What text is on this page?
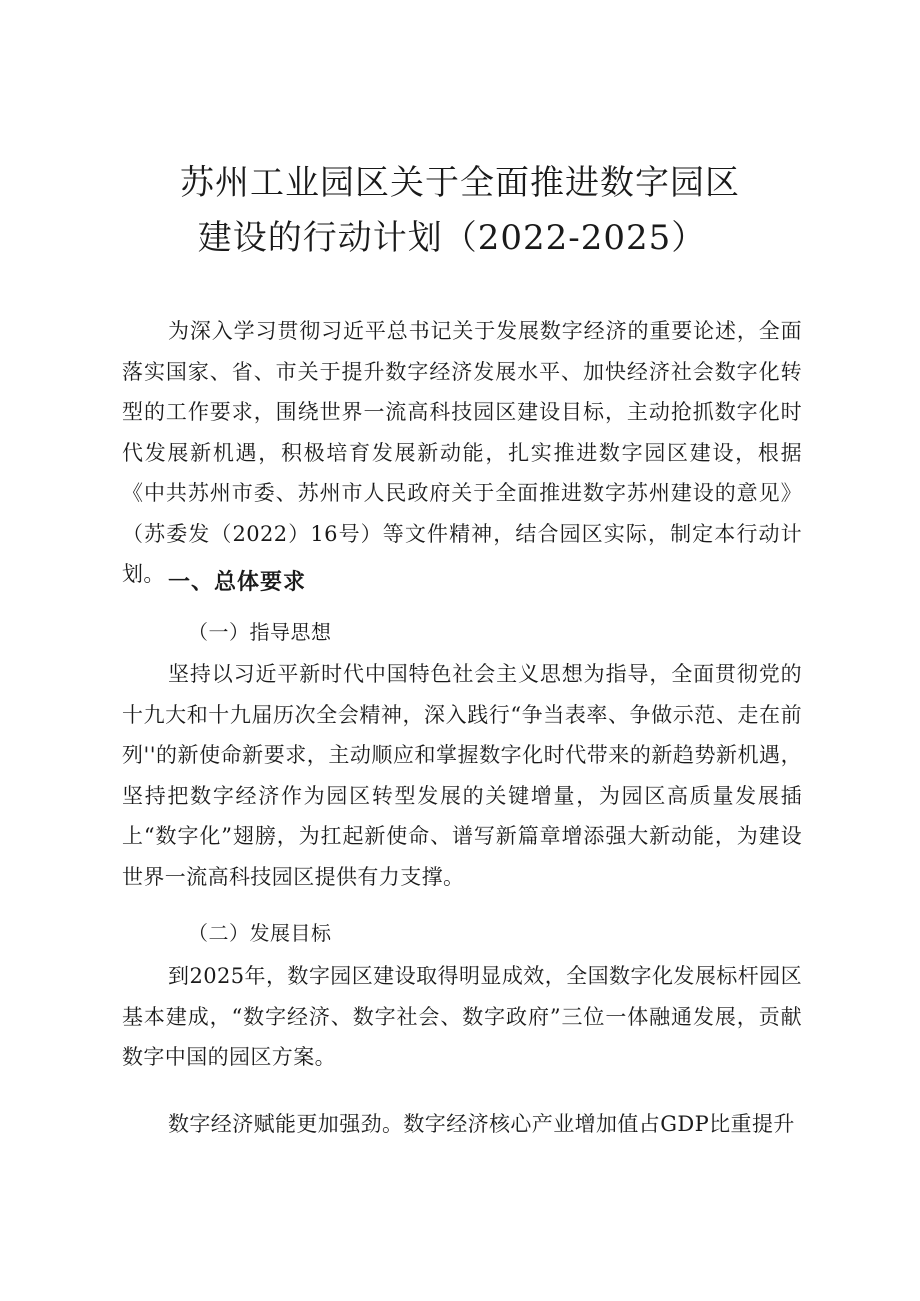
苏州工业园区关于全面推进数字园区
建设的行动计划（2022-2025）
为深入学习贯彻习近平总书记关于发展数字经济的重要论述，全面落实国家、省、市关于提升数字经济发展水平、加快经济社会数字化转型的工作要求，围绕世界一流高科技园区建设目标，主动抢抓数字化时代发展新机遇，积极培育发展新动能，扎实推进数字园区建设，根据《中共苏州市委、苏州市人民政府关于全面推进数字苏州建设的意见》（苏委发（2022）16号）等文件精神，结合园区实际，制定本行动计划。 一、总体要求
（一）指导思想
坚持以习近平新时代中国特色社会主义思想为指导，全面贯彻党的十九大和十九届历次全会精神，深入践行“争当表率、争做示范、走在前列''的新使命新要求，主动顺应和掌握数字化时代带来的新趋势新机遇，坚持把数字经济作为园区转型发展的关键增量，为园区高质量发展插上“数字化”翅膀，为扛起新使命、谱写新篇章增添强大新动能，为建设世界一流高科技园区提供有力支撑。
（二）发展目标
到2025年，数字园区建设取得明显成效，全国数字化发展标杆园区基本建成，“数字经济、数字社会、数字政府”三位一体融通发展，贡献数字中国的园区方案。
数字经济赋能更加强劲。数字经济核心产业增加值占GDP比重提升
